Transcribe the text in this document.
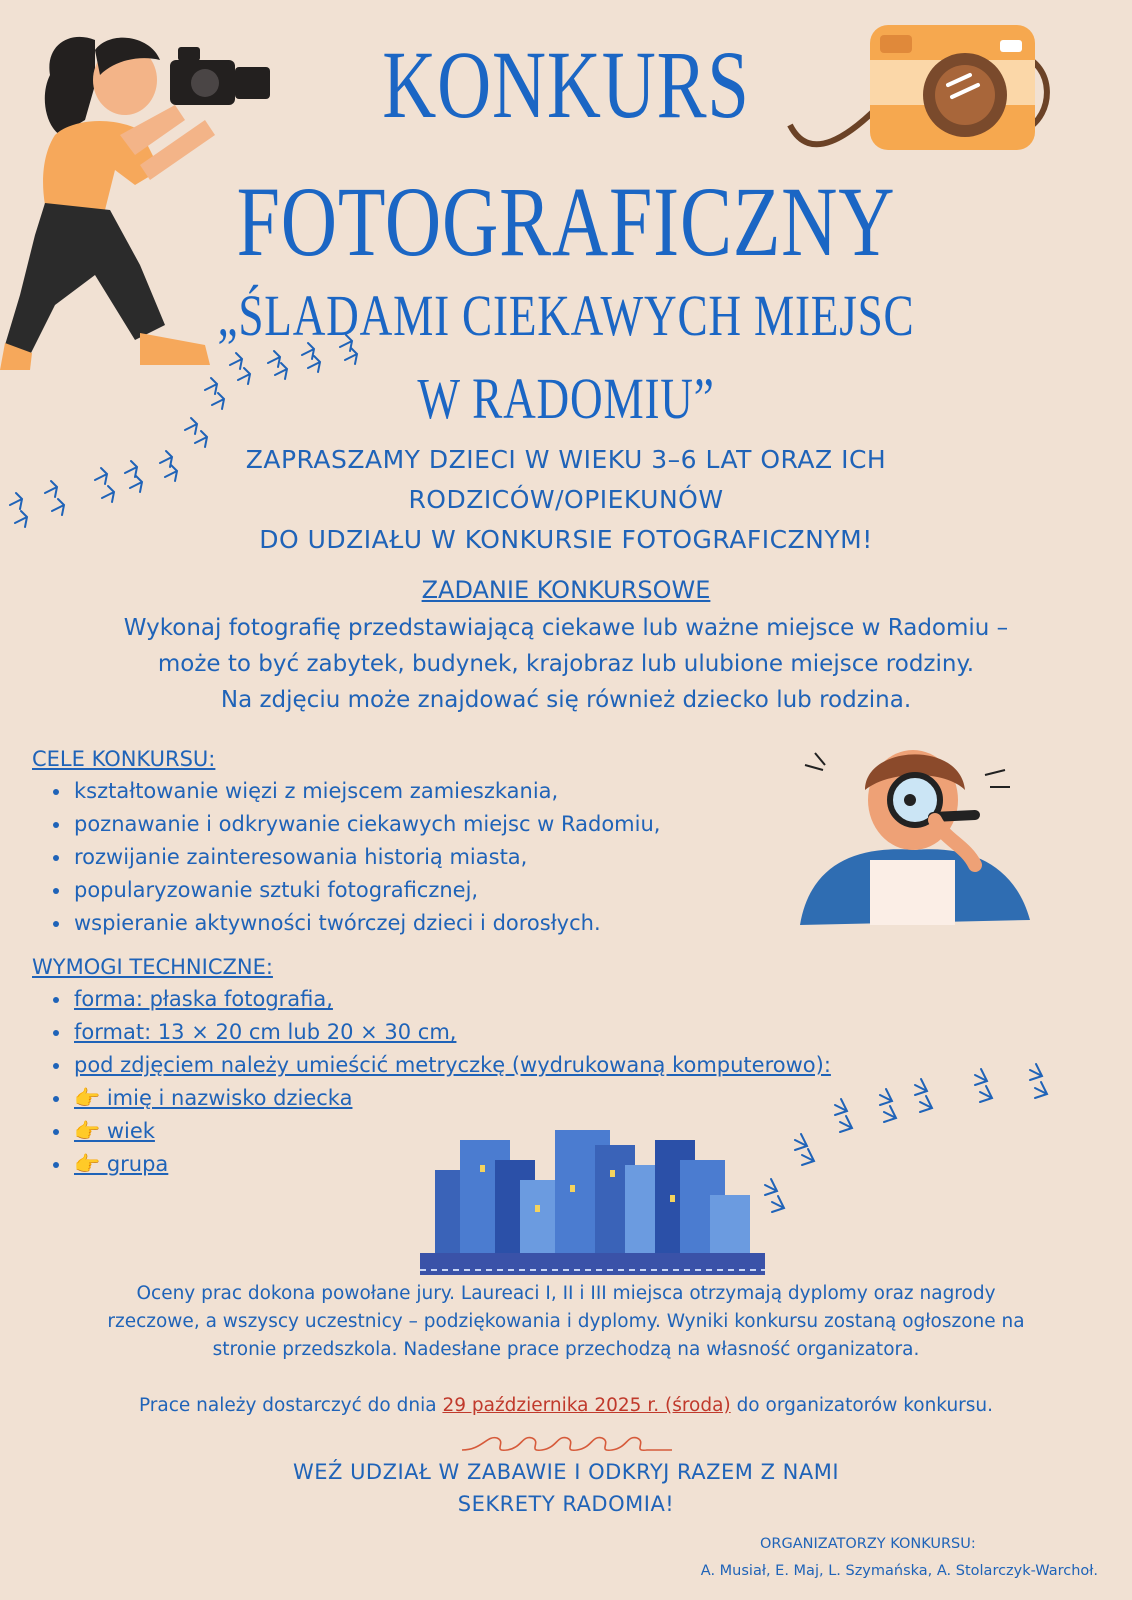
KONKURS
FOTOGRAFICZNY
„ŚLADAMI CIEKAWYCH MIEJSC
W RADOMIU”
ZAPRASZAMY DZIECI W WIEKU 3–6 LAT ORAZ ICH
RODZICÓW/OPIEKUNÓW
DO UDZIAŁU W KONKURSIE FOTOGRAFICZNYM!
ZADANIE KONKURSOWE
Wykonaj fotografię przedstawiającą ciekawe lub ważne miejsce w Radomiu –
może to być zabytek, budynek, krajobraz lub ulubione miejsce rodziny.
Na zdjęciu może znajdować się również dziecko lub rodzina.
CELE KONKURSU:
• kształtowanie więzi z miejscem zamieszkania,
• poznawanie i odkrywanie ciekawych miejsc w Radomiu,
• rozwijanie zainteresowania historią miasta,
• popularyzowanie sztuki fotograficznej,
• wspieranie aktywności twórczej dzieci i dorosłych.
WYMOGI TECHNICZNE:
• forma: płaska fotografia,
• format: 13 × 20 cm lub 20 × 30 cm,
• pod zdjęciem należy umieścić metryczkę (wydrukowaną komputerowo):
• 👉 imię i nazwisko dziecka
• 👉 wiek
• 👉 grupa
Oceny prac dokona powołane jury. Laureaci I, II i III miejsca otrzymają dyplomy oraz nagrody
rzeczowe, a wszyscy uczestnicy – podziękowania i dyplomy. Wyniki konkursu zostaną ogłoszone na
stronie przedszkola. Nadesłane prace przechodzą na własność organizatora.
Prace należy dostarczyć do dnia 29 października 2025 r. (środa) do organizatorów konkursu.
WEŹ UDZIAŁ W ZABAWIE I ODKRYJ RAZEM Z NAMI
SEKRETY RADOMIA!
ORGANIZATORZY KONKURSU:
A. Musiał, E. Maj, L. Szymańska, A. Stolarczyk-Warchoł.
